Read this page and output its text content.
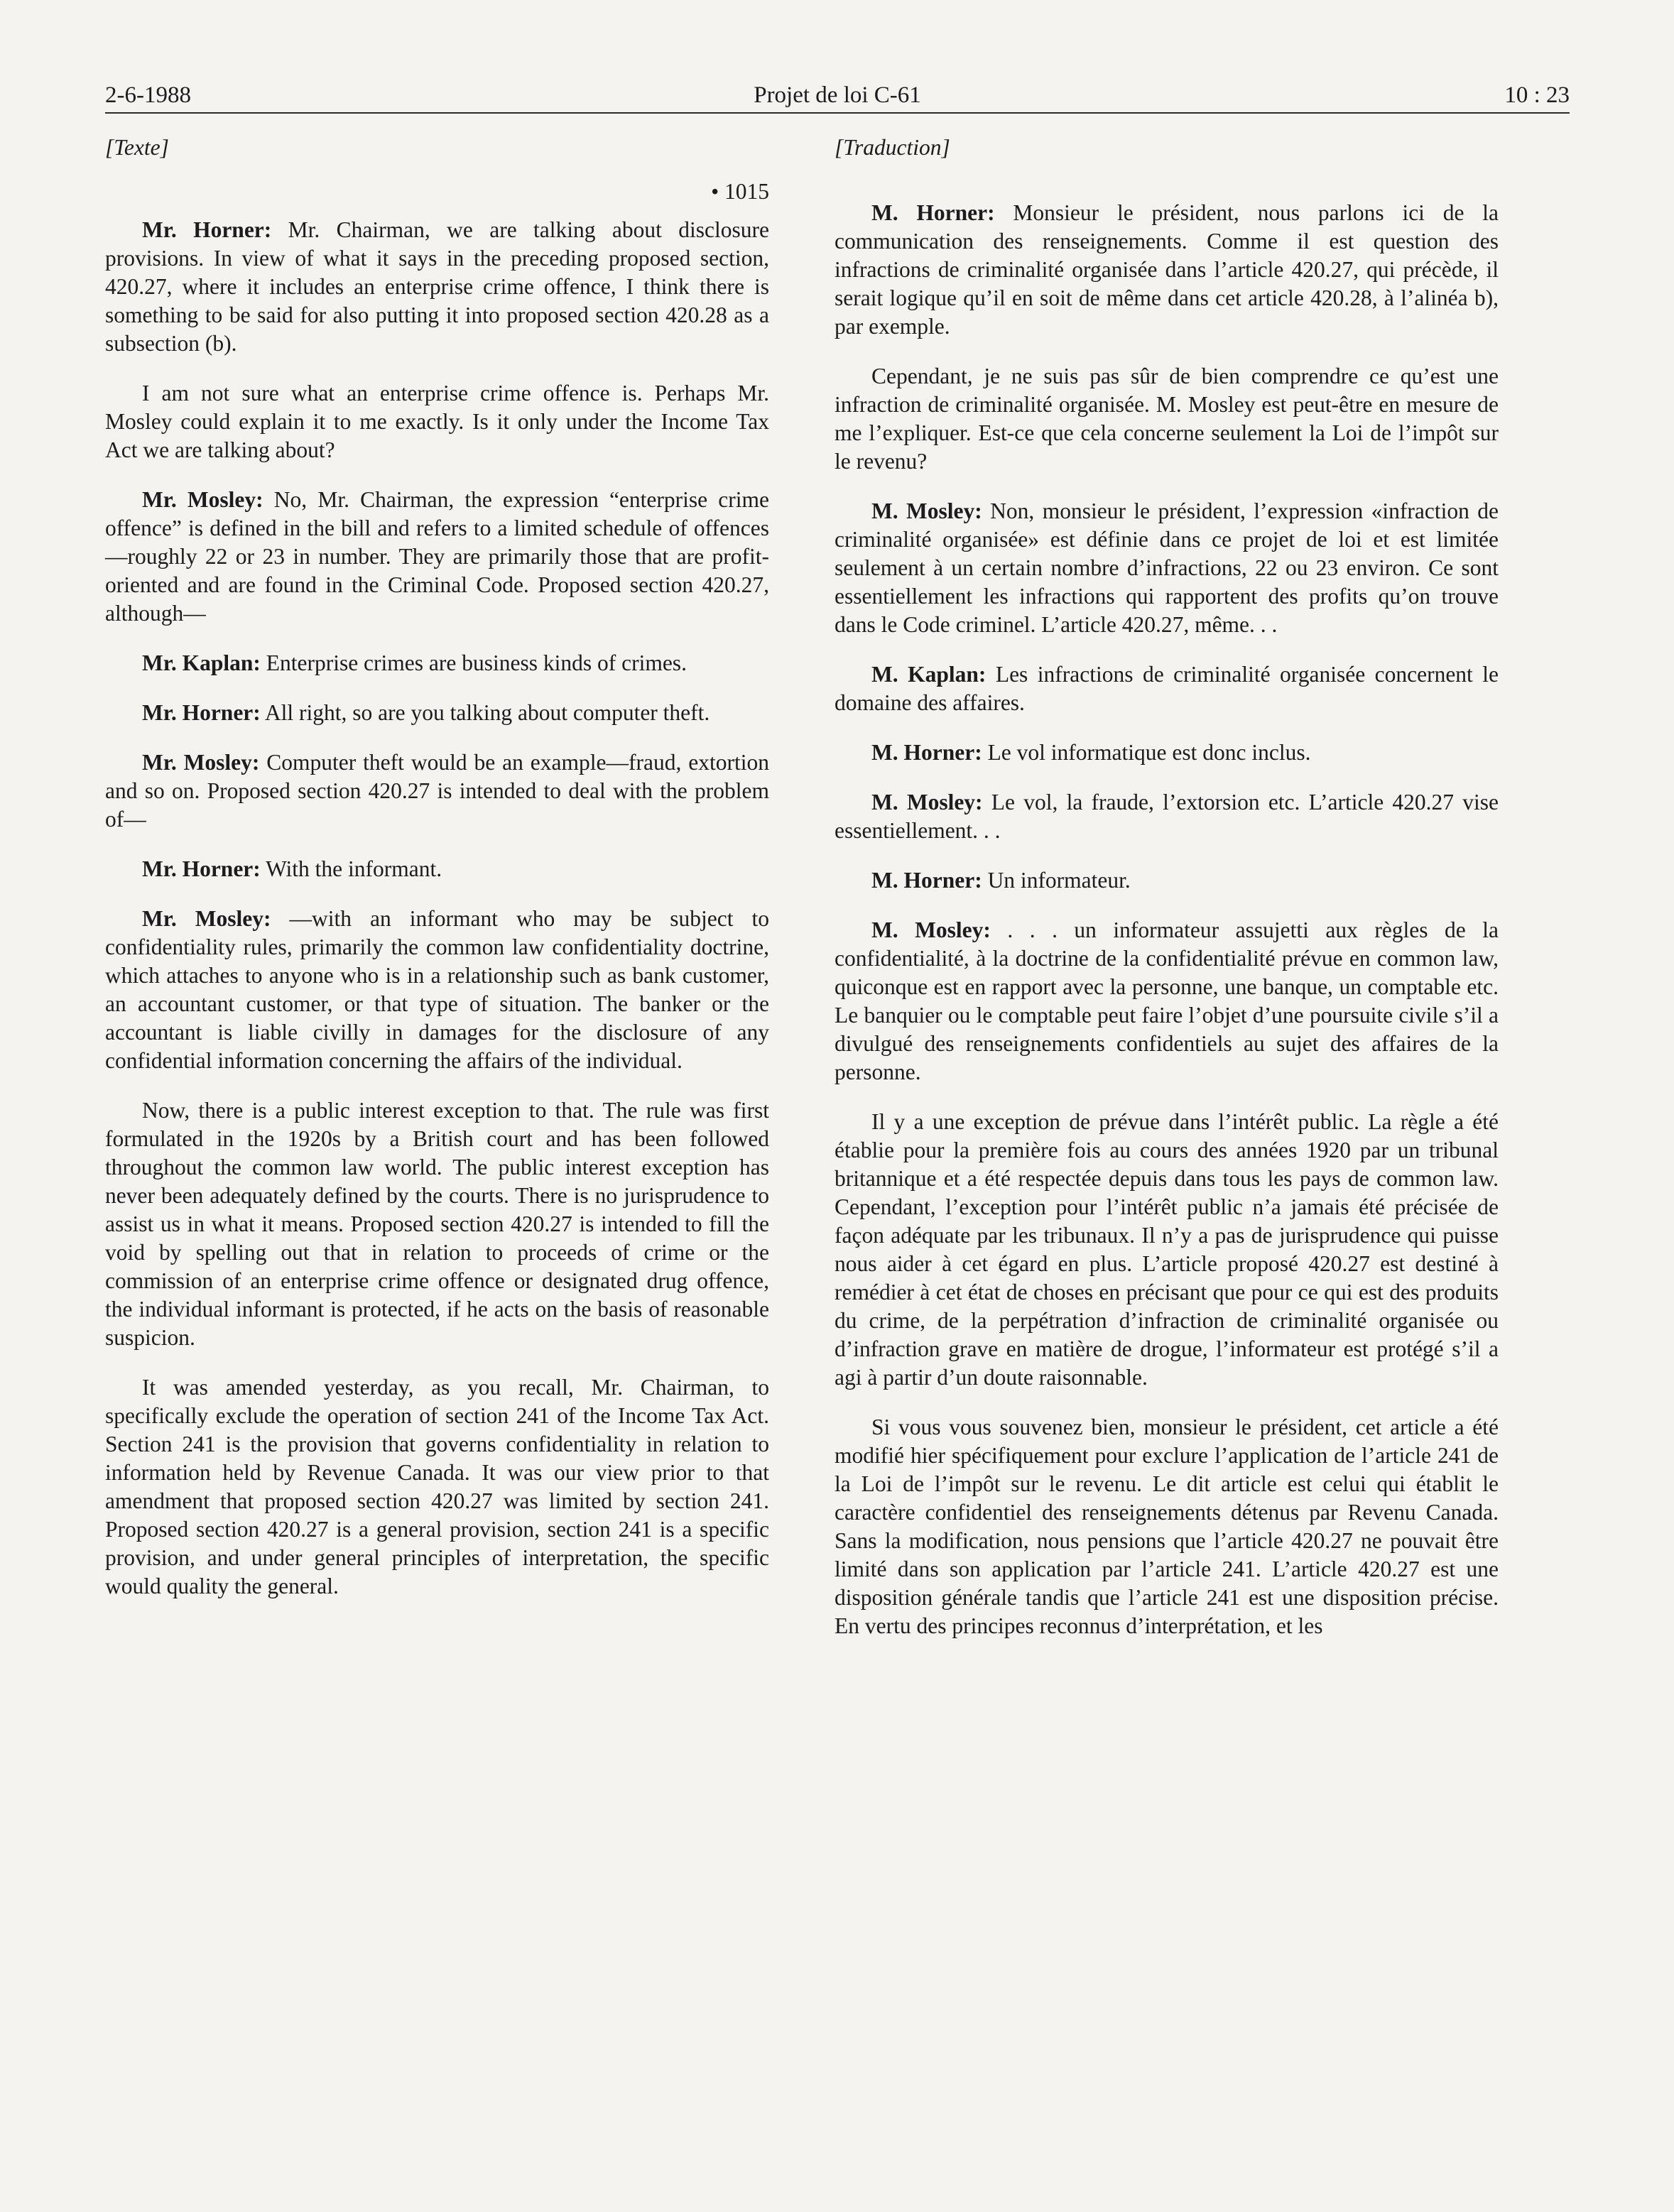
2-6-1988	Projet de loi C-61	10 : 23
[Texte]
• 1015

Mr. Horner: Mr. Chairman, we are talking about disclosure provisions. In view of what it says in the preceding proposed section, 420.27, where it includes an enterprise crime offence, I think there is something to be said for also putting it into proposed section 420.28 as a subsection (b).

I am not sure what an enterprise crime offence is. Perhaps Mr. Mosley could explain it to me exactly. Is it only under the Income Tax Act we are talking about?

Mr. Mosley: No, Mr. Chairman, the expression “enterprise crime offence” is defined in the bill and refers to a limited schedule of offences—roughly 22 or 23 in number. They are primarily those that are profit-oriented and are found in the Criminal Code. Proposed section 420.27, although—

Mr. Kaplan: Enterprise crimes are business kinds of crimes.

Mr. Horner: All right, so are you talking about computer theft.

Mr. Mosley: Computer theft would be an example—fraud, extortion and so on. Proposed section 420.27 is intended to deal with the problem of—

Mr. Horner: With the informant.

Mr. Mosley: —with an informant who may be subject to confidentiality rules, primarily the common law confidentiality doctrine, which attaches to anyone who is in a relationship such as bank customer, an accountant customer, or that type of situation. The banker or the accountant is liable civilly in damages for the disclosure of any confidential information concerning the affairs of the individual.

Now, there is a public interest exception to that. The rule was first formulated in the 1920s by a British court and has been followed throughout the common law world. The public interest exception has never been adequately defined by the courts. There is no jurisprudence to assist us in what it means. Proposed section 420.27 is intended to fill the void by spelling out that in relation to proceeds of crime or the commission of an enterprise crime offence or designated drug offence, the individual informant is protected, if he acts on the basis of reasonable suspicion.

It was amended yesterday, as you recall, Mr. Chairman, to specifically exclude the operation of section 241 of the Income Tax Act. Section 241 is the provision that governs confidentiality in relation to information held by Revenue Canada. It was our view prior to that amendment that proposed section 420.27 was limited by section 241. Proposed section 420.27 is a general provision, section 241 is a specific provision, and under general principles of interpretation, the specific would quality the general.

[Traduction]

M. Horner: Monsieur le président, nous parlons ici de la communication des renseignements. Comme il est question des infractions de criminalité organisée dans l’article 420.27, qui précède, il serait logique qu’il en soit de même dans cet article 420.28, à l’alinéa b), par exemple.

Cependant, je ne suis pas sûr de bien comprendre ce qu’est une infraction de criminalité organisée. M. Mosley est peut-être en mesure de me l’expliquer. Est-ce que cela concerne seulement la Loi de l’impôt sur le revenu?

M. Mosley: Non, monsieur le président, l’expression «infraction de criminalité organisée» est définie dans ce projet de loi et est limitée seulement à un certain nombre d’infractions, 22 ou 23 environ. Ce sont essentiellement les infractions qui rapportent des profits qu’on trouve dans le Code criminel. L’article 420.27, même. . .

M. Kaplan: Les infractions de criminalité organisée concernent le domaine des affaires.

M. Horner: Le vol informatique est donc inclus.

M. Mosley: Le vol, la fraude, l’extorsion etc. L’article 420.27 vise essentiellement. . .

M. Horner: Un informateur.

M. Mosley: . . . un informateur assujetti aux règles de la confidentialité, à la doctrine de la confidentialité prévue en common law, quiconque est en rapport avec la personne, une banque, un comptable etc. Le banquier ou le comptable peut faire l’objet d’une poursuite civile s’il a divulgué des renseignements confidentiels au sujet des affaires de la personne.

Il y a une exception de prévue dans l’intérêt public. La règle a été établie pour la première fois au cours des années 1920 par un tribunal britannique et a été respectée depuis dans tous les pays de common law. Cependant, l’exception pour l’intérêt public n’a jamais été précisée de façon adéquate par les tribunaux. Il n’y a pas de jurisprudence qui puisse nous aider à cet égard en plus. L’article proposé 420.27 est destiné à remédier à cet état de choses en précisant que pour ce qui est des produits du crime, de la perpétration d’infraction de criminalité organisée ou d’infraction grave en matière de drogue, l’informateur est protégé s’il a agi à partir d’un doute raisonnable.

Si vous vous souvenez bien, monsieur le président, cet article a été modifié hier spécifiquement pour exclure l’application de l’article 241 de la Loi de l’impôt sur le revenu. Le dit article est celui qui établit le caractère confidentiel des renseignements détenus par Revenu Canada. Sans la modification, nous pensions que l’article 420.27 ne pouvait être limité dans son application par l’article 241. L’article 420.27 est une disposition générale tandis que l’article 241 est une disposition précise. En vertu des principes reconnus d’interprétation, et les
